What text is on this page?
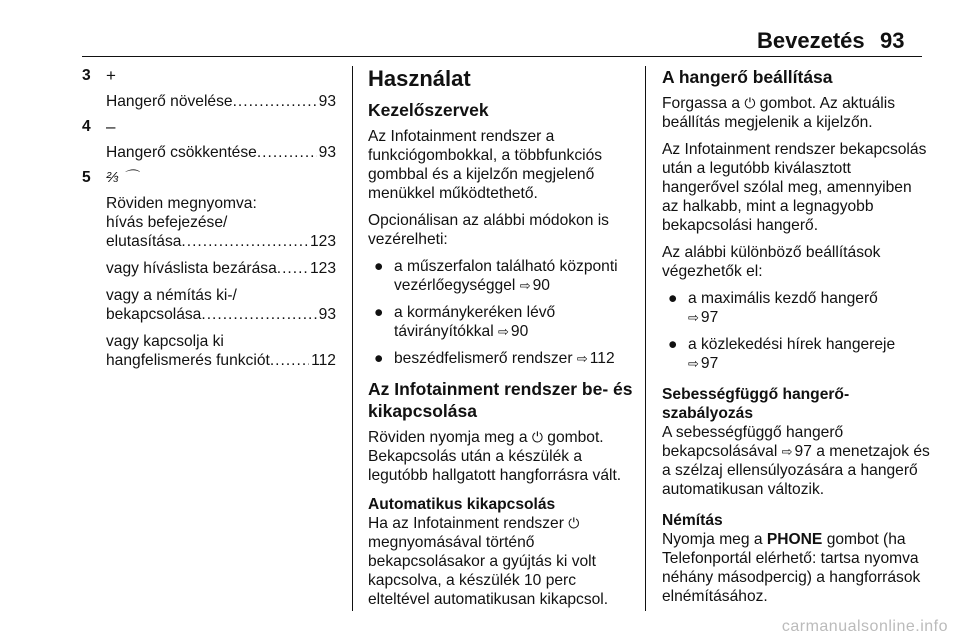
Bevezetés 93
3 +
Hangerő növelése .....	93
4 –
Hangerő csökkentése .....	93
5 ⅔ ⌒
Röviden megnyomva:
hívás befejezése/
elutasítása .....	123
vagy híváslista bezárása ..... 123
vagy a némítás ki-/
bekapcsolása .....	93
vagy kapcsolja ki
hangfelismerés funkciót .....	112
Használat
Kezelőszervek

Az Infotainment rendszer a funkciógombokkal, a többfunkciós gombbal és a kijelzőn megjelenő menükkel működtethető.

Opcionálisan az alábbi módokon is vezérelheti:

● a műszerfalon található központi vezérlőegységgel ⇨ 90
● a kormánykeréken lévő távirányítókkal ⇨ 90
● beszédfelismerő rendszer ⇨ 112
Az Infotainment rendszer be- és kikapcsolása

Röviden nyomja meg a ⏻ gombot. Bekapcsolás után a készülék a legutóbb hallgatott hangforrásra vált.

Automatikus kikapcsolás

Ha az Infotainment rendszer ⏻ megnyomásával történő bekapcsolásakor a gyújtás ki volt kapcsolva, a készülék 10 perc elteltével automatikusan kikapcsol.

A hangerő beállítása

Forgassa a ⏻ gombot. Az aktuális beállítás megjelenik a kijelzőn.

Az Infotainment rendszer bekapcsolás után a legutóbb kiválasztott hangerővel szólal meg, amennyiben az halkabb, mint a legnagyobb bekapcsolási hangerő.

Az alábbi különböző beállítások végezhetők el:

● a maximális kezdő hangerő
⇨ 97
● a közlekedési hírek hangereje
⇨ 97
Sebességfüggő hangerő-szabályozás

A sebességfüggő hangerő bekapcsolásával ⇨ 97 a menetzajok és a szélzaj ellensúlyozására a hangerő automatikusan változik.

Némítás

Nyomja meg a PHONE gombot (ha Telefonportál elérhető: tartsa nyomva néhány másodpercig) a hangforrások elnémításához.

carmanualsonline.info
